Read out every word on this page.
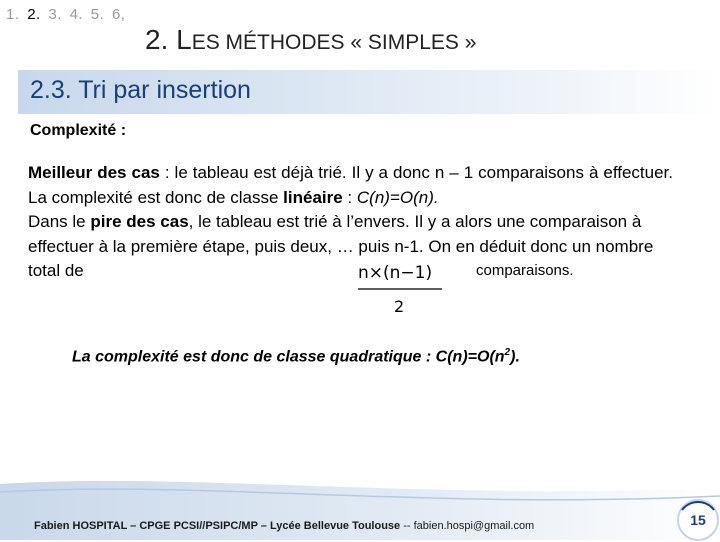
1. 2. 3. 4. 5. 6,
2. LES MÉTHODES « SIMPLES »
2.3. Tri par insertion
Complexité :

Meilleur des cas : le tableau est déjà trié. Il y a donc n – 1 comparaisons à effectuer. La complexité est donc de classe linéaire : C(n)=O(n).

Dans le pire des cas, le tableau est trié à l’envers. Il y a alors une comparaison à effectuer à la première étape, puis deux, … puis n-1. On en déduit donc un nombre total de	n×(n−1)
2
comparaisons.
La complexité est donc de classe quadratique : $C(n)=O(n^2)$.
Fabien HOSPITAL – CPGE PCSI//PSIPC/MP – Lycée Bellevue Toulouse -- fabien.hospi@gmail.com	15
